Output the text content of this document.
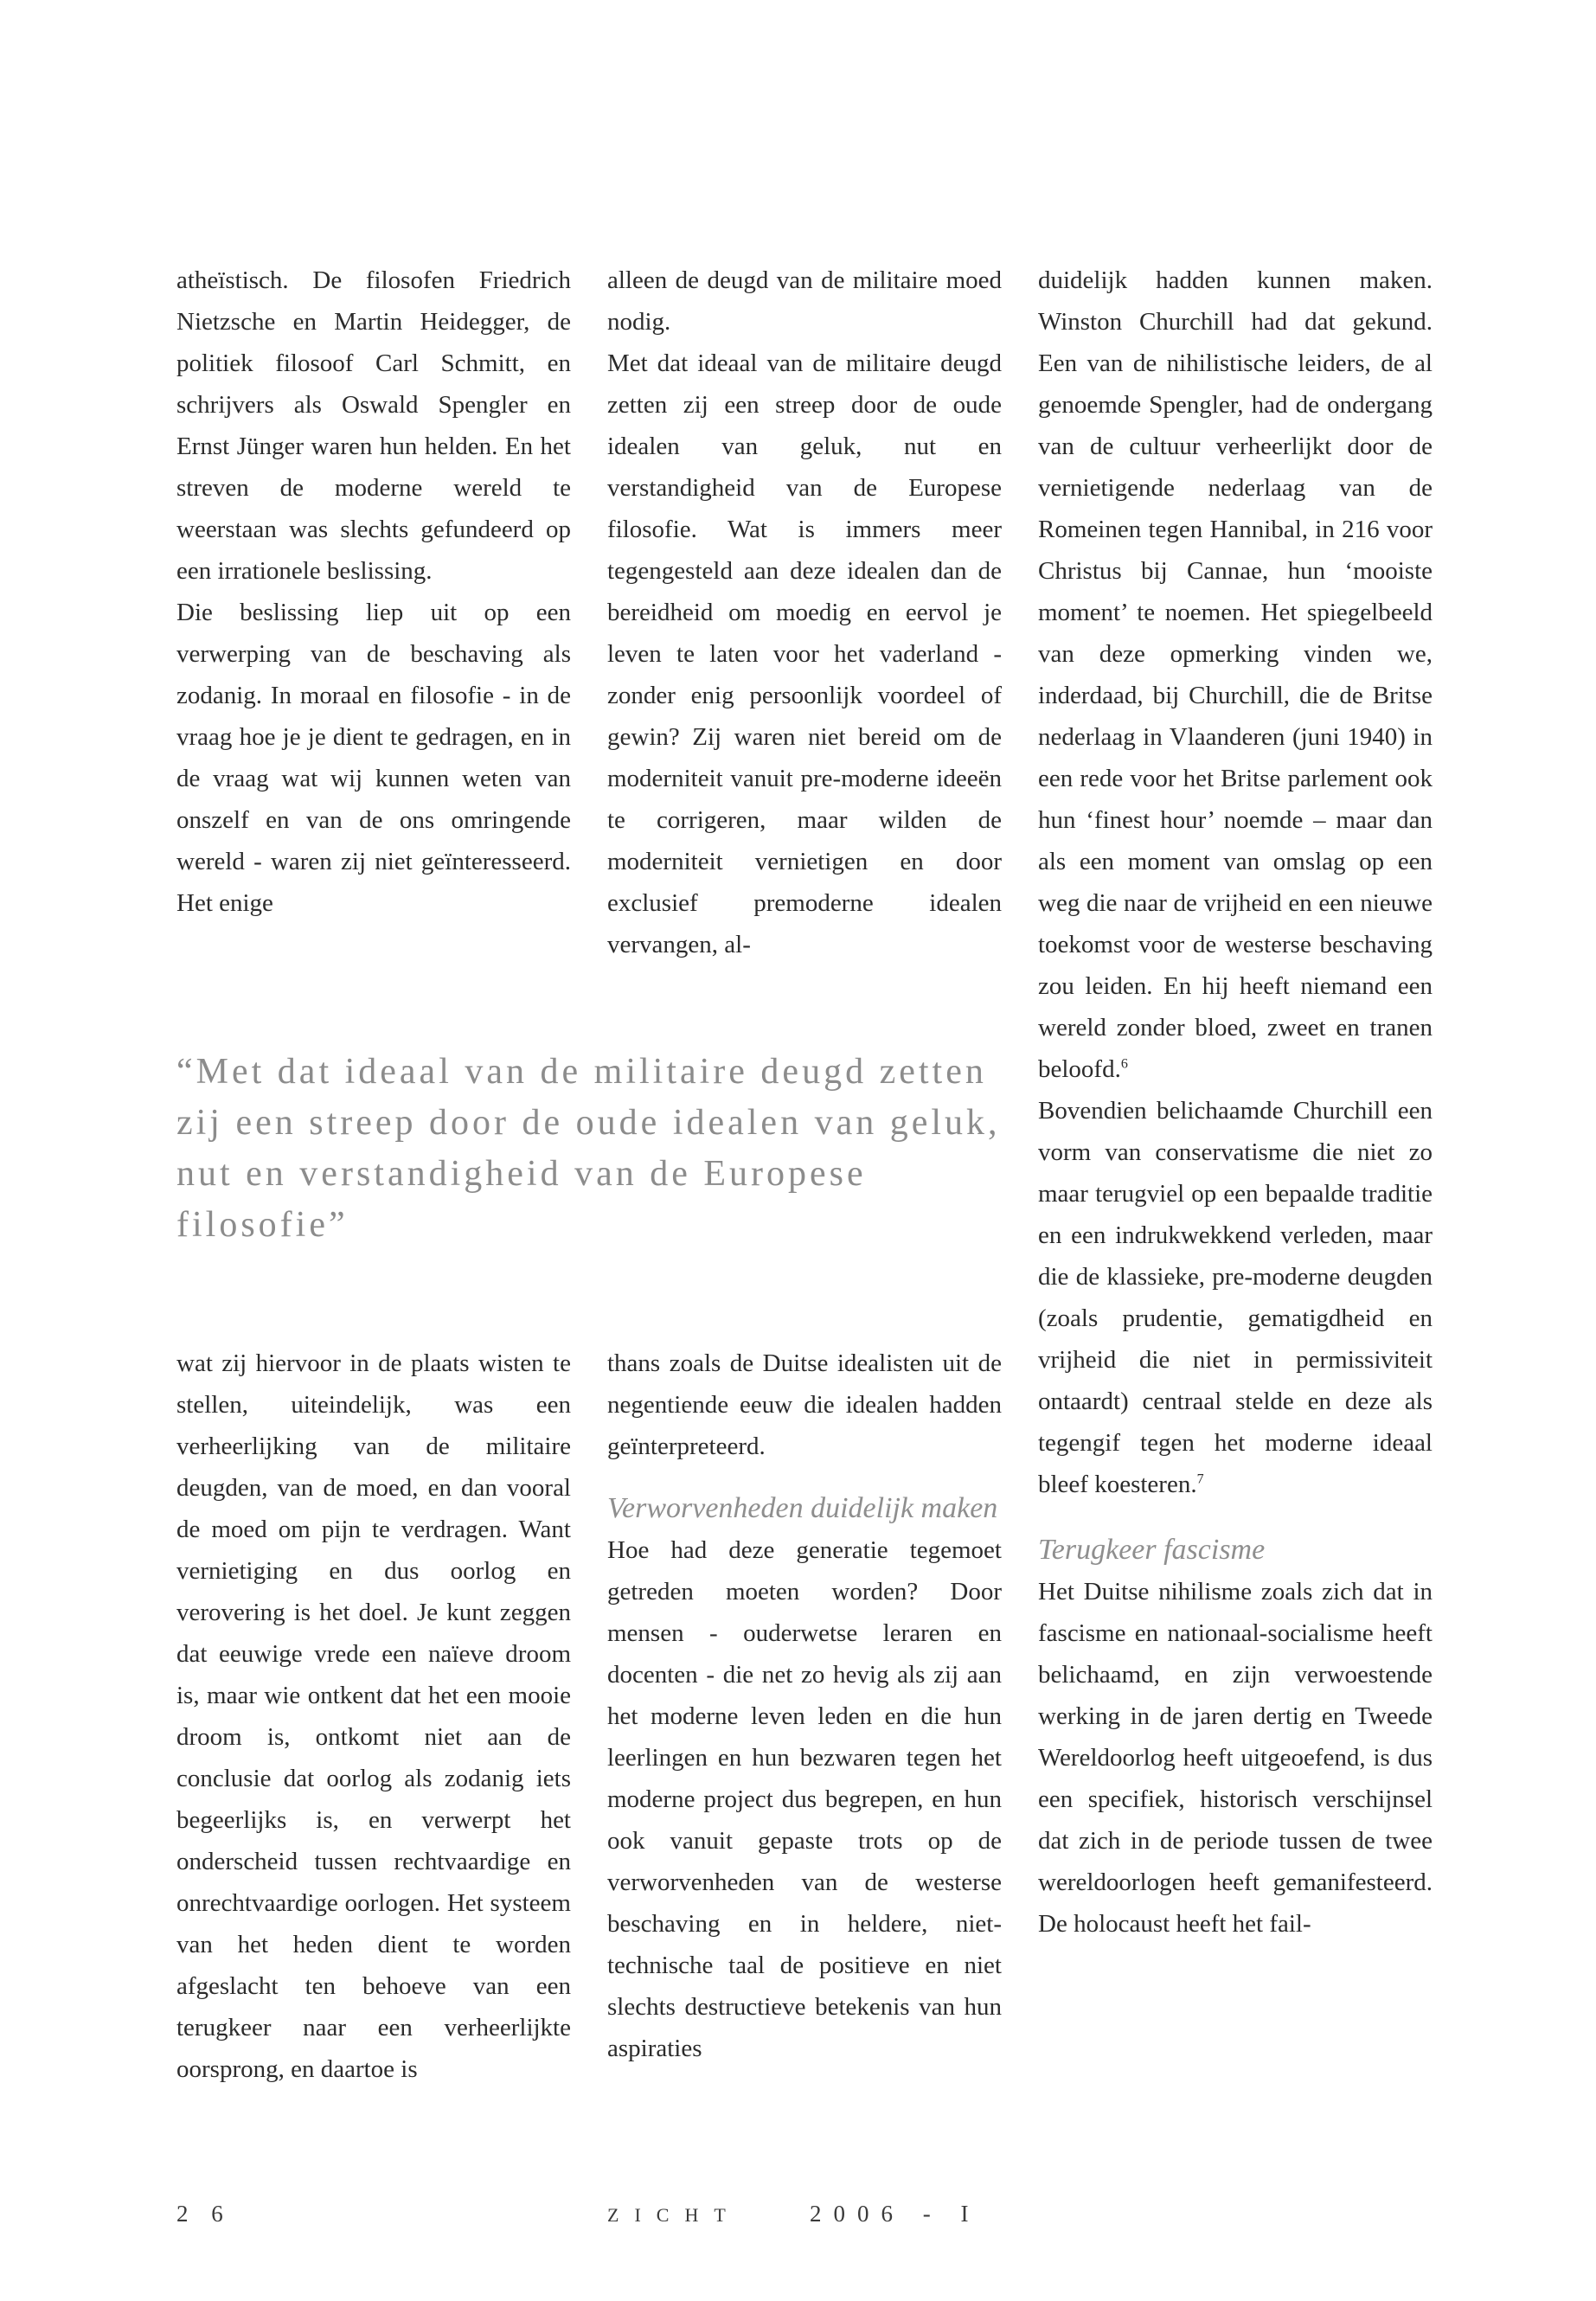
atheïstisch. De filosofen Friedrich Nietzsche en Martin Heidegger, de politiek filosoof Carl Schmitt, en schrijvers als Oswald Spengler en Ernst Jünger waren hun helden. En het streven de moderne wereld te weerstaan was slechts gefundeerd op een irrationele beslissing.

Die beslissing liep uit op een verwerping van de beschaving als zodanig. In moraal en filosofie - in de vraag hoe je je dient te gedragen, en in de vraag wat wij kunnen weten van onszelf en van de ons omringende wereld - waren zij niet geïnteresseerd. Het enige

alleen de deugd van de militaire moed nodig.

Met dat ideaal van de militaire deugd zetten zij een streep door de oude idealen van geluk, nut en verstandigheid van de Europese filosofie. Wat is immers meer tegengesteld aan deze idealen dan de bereidheid om moedig en eervol je leven te laten voor het vaderland - zonder enig persoonlijk voordeel of gewin? Zij waren niet bereid om de moderniteit vanuit pre-moderne ideeën te corrigeren, maar wilden de moderniteit vernietigen en door exclusief premoderne idealen vervangen, al-

duidelijk hadden kunnen maken. Winston Churchill had dat gekund. Een van de nihilistische leiders, de al genoemde Spengler, had de ondergang van de cultuur verheerlijkt door de vernietigende nederlaag van de Romeinen tegen Hannibal, in 216 voor Christus bij Cannae, hun ‘mooiste moment’ te noemen. Het spiegelbeeld van deze opmerking vinden we, inderdaad, bij Churchill, die de Britse nederlaag in Vlaanderen (juni 1940) in een rede voor het Britse parlement ook hun ‘finest hour’ noemde – maar dan als een moment van omslag op een weg die naar de vrijheid en een nieuwe toekomst voor de westerse beschaving zou leiden. En hij heeft niemand een wereld zonder bloed, zweet en tranen beloofd.$^6$

Bovendien belichaamde Churchill een vorm van conservatisme die niet zo maar terugviel op een bepaalde traditie en een indrukwekkend verleden, maar die de klassieke, pre-moderne deugden (zoals prudentie, gematigdheid en vrijheid die niet in permissiviteit ontaardt) centraal stelde en deze als tegengif tegen het moderne ideaal bleef koesteren.$^7$

Terugkeer fascisme

Het Duitse nihilisme zoals zich dat in fascisme en nationaal-socialisme heeft belichaamd, en zijn verwoestende werking in de jaren dertig en Tweede Wereldoorlog heeft uitgeoefend, is dus een specifiek, historisch verschijnsel dat zich in de periode tussen de twee wereldoorlogen heeft gemanifesteerd. De holocaust heeft het fail-

“Met dat ideaal van de militaire deugd zetten zij een streep door de oude idealen van geluk, nut en verstandigheid van de Europese filosofie”

wat zij hiervoor in de plaats wisten te stellen, uiteindelijk, was een verheerlijking van de militaire deugden, van de moed, en dan vooral de moed om pijn te verdragen. Want vernietiging en dus oorlog en verovering is het doel. Je kunt zeggen dat eeuwige vrede een naïeve droom is, maar wie ontkent dat het een mooie droom is, ontkomt niet aan de conclusie dat oorlog als zodanig iets begeerlijks is, en verwerpt het onderscheid tussen rechtvaardige en onrechtvaardige oorlogen. Het systeem van het heden dient te worden afgeslacht ten behoeve van een terugkeer naar een verheerlijkte oorsprong, en daartoe is

thans zoals de Duitse idealisten uit de negentiende eeuw die idealen hadden geïnterpreteerd.

Verworvenheden duidelijk maken

Hoe had deze generatie tegemoet getreden moeten worden? Door mensen - ouderwetse leraren en docenten - die net zo hevig als zij aan het moderne leven leden en die hun leerlingen en hun bezwaren tegen het moderne project dus begrepen, en hun ook vanuit gepaste trots op de verworvenheden van de westerse beschaving en in heldere, niet-technische taal de positieve en niet slechts destructieve betekenis van hun aspiraties

2 6	ZICHT	2006 - I
